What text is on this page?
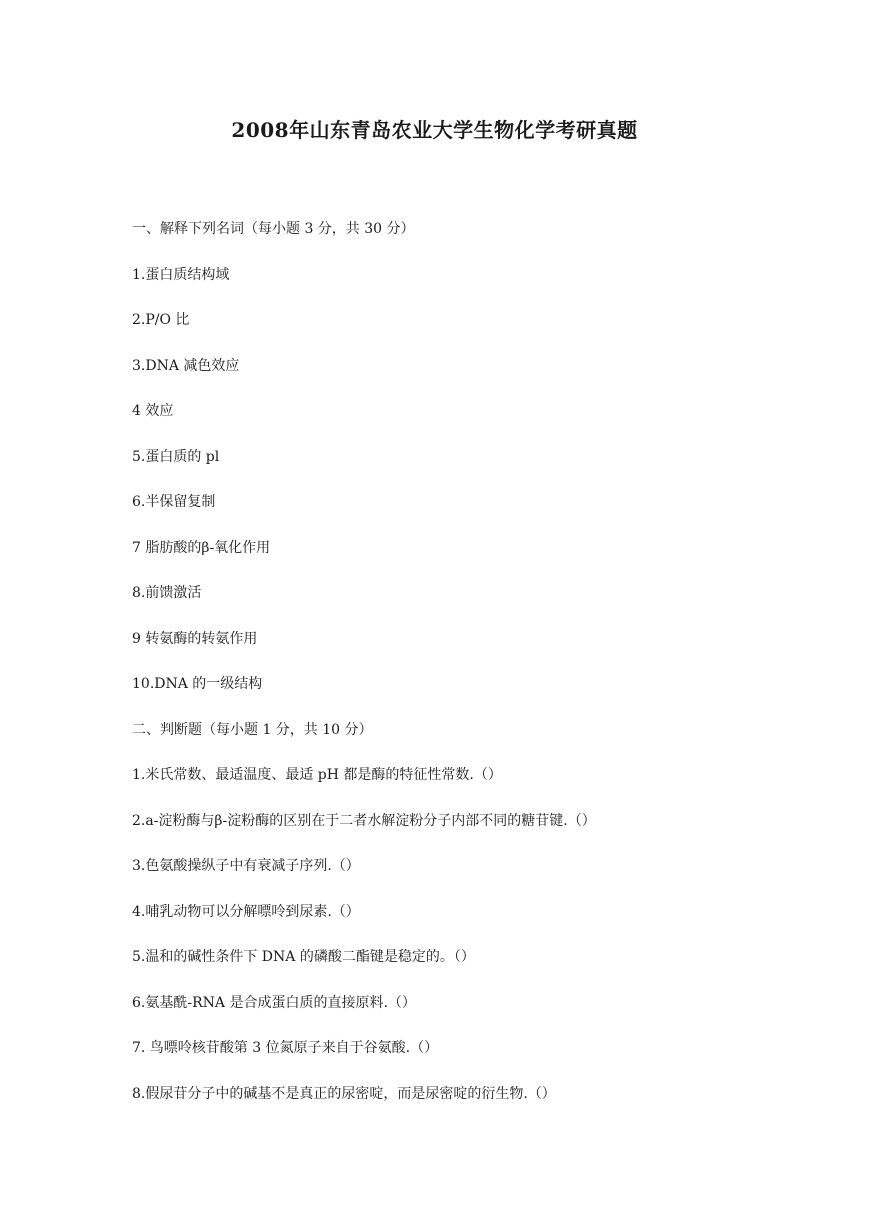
2008年山东青岛农业大学生物化学考研真题
一、解释下列名词（每小题 3 分，共 30 分）
1.蛋白质结构域
2.P/O 比
3.DNA 减色效应
4 效应
5.蛋白质的 pl
6.半保留复制
7 脂肪酸的β-氧化作用
8.前馈激活
9 转氨酶的转氨作用
10.DNA 的一级结构
二、判断题（每小题 1 分，共 10 分）
1.米氏常数、最适温度、最适 pH 都是酶的特征性常数.（）
2.a-淀粉酶与β-淀粉酶的区别在于二者水解淀粉分子内部不同的糖苷键.（）
3.色氨酸操纵子中有衰减子序列.（）
4.哺乳动物可以分解嘌呤到尿素.（）
5.温和的碱性条件下 DNA 的磷酸二酯键是稳定的。（）
6.氨基酰-RNA 是合成蛋白质的直接原料.（）
7. 鸟嘌呤核苷酸第 3 位氮原子来自于谷氨酸.（）
8.假尿苷分子中的碱基不是真正的尿密啶，而是尿密啶的衍生物.（）
